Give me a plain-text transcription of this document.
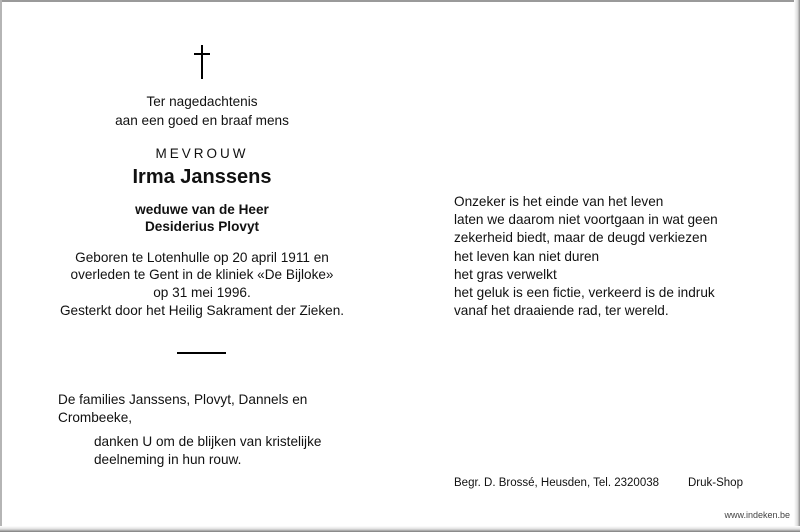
Ter nagedachtenis
aan een goed en braaf mens
MEVROUW
Irma Janssens
weduwe van de Heer
Desiderius Plovyt
Geboren te Lotenhulle op 20 april 1911 en
overleden te Gent in de kliniek «De Bijloke»
op 31 mei 1996.
Gesterkt door het Heilig Sakrament der Zieken.
De families Janssens, Plovyt, Dannels en
Crombeeke,
danken U om de blijken van kristelijke
deelneming in hun rouw.
Onzeker is het einde van het leven
laten we daarom niet voortgaan in wat geen
zekerheid biedt, maar de deugd verkiezen
het leven kan niet duren
het gras verwelkt
het geluk is een fictie, verkeerd is de indruk
vanaf het draaiende rad, ter wereld.
Begr. D. Brossé, Heusden, Tel. 2320038	Druk-Shop
www.indeken.be
